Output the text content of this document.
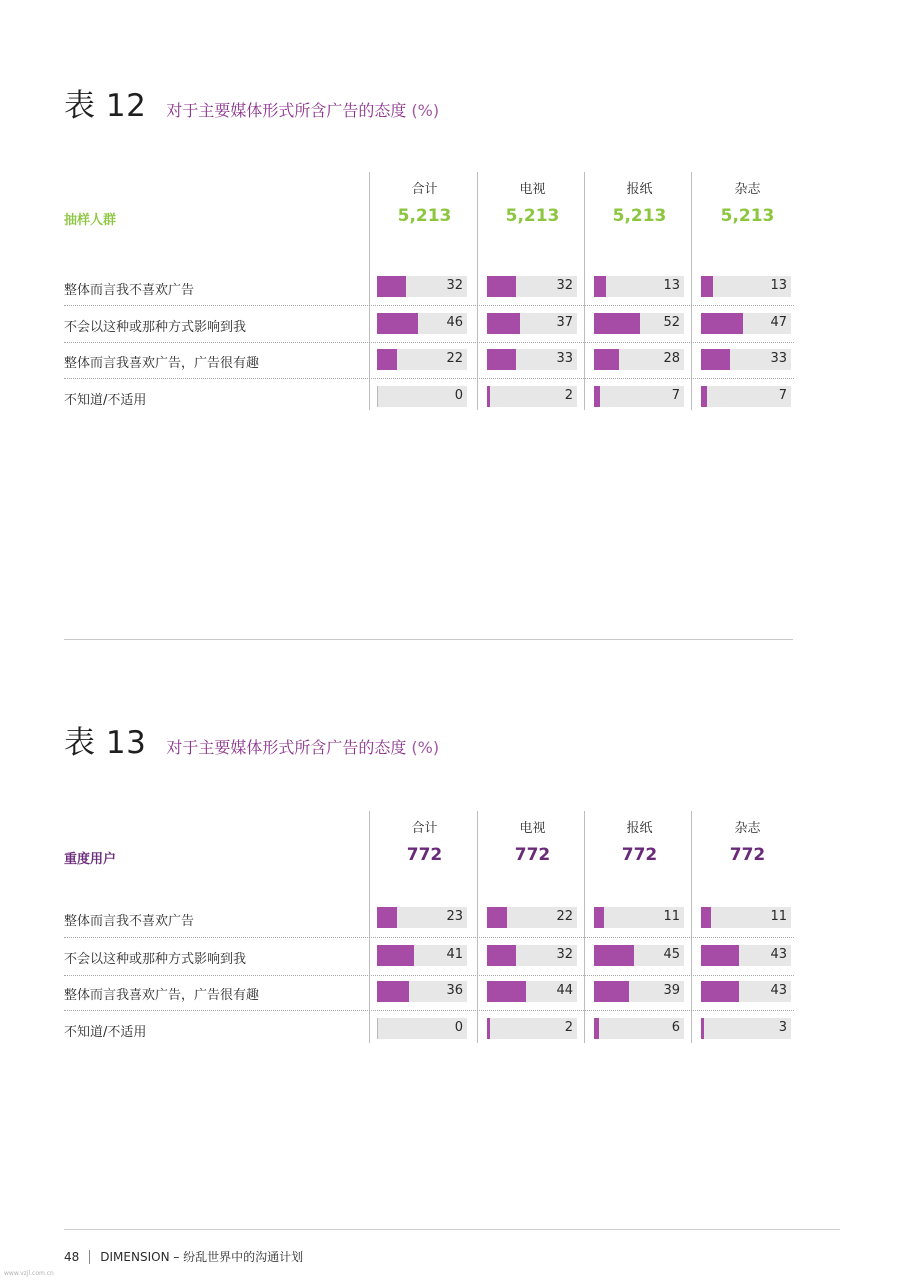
表 12 对于主要媒体形式所含广告的态度 (%)
合计	电视	报纸	杂志
抽样人群	5,213	5,213	5,213	5,213
整体而言我不喜欢广告	32	32	13	13
不会以这种或那种方式影响到我	46	37	52	47
整体而言我喜欢广告，广告很有趣	22	33	28	33
不知道/不适用	0	2	7	7
表 13 对于主要媒体形式所含广告的态度 (%)
合计	电视	报纸	杂志
重度用户	772	772	772	772
整体而言我不喜欢广告	23	22	11	11
不会以这种或那种方式影响到我	41	32	45	43
整体而言我喜欢广告，广告很有趣	36	44	39	43
不知道/不适用	0	2	6	3
48 DIMENSION – 纷乱世界中的沟通计划
www.vzjl.com.cn
